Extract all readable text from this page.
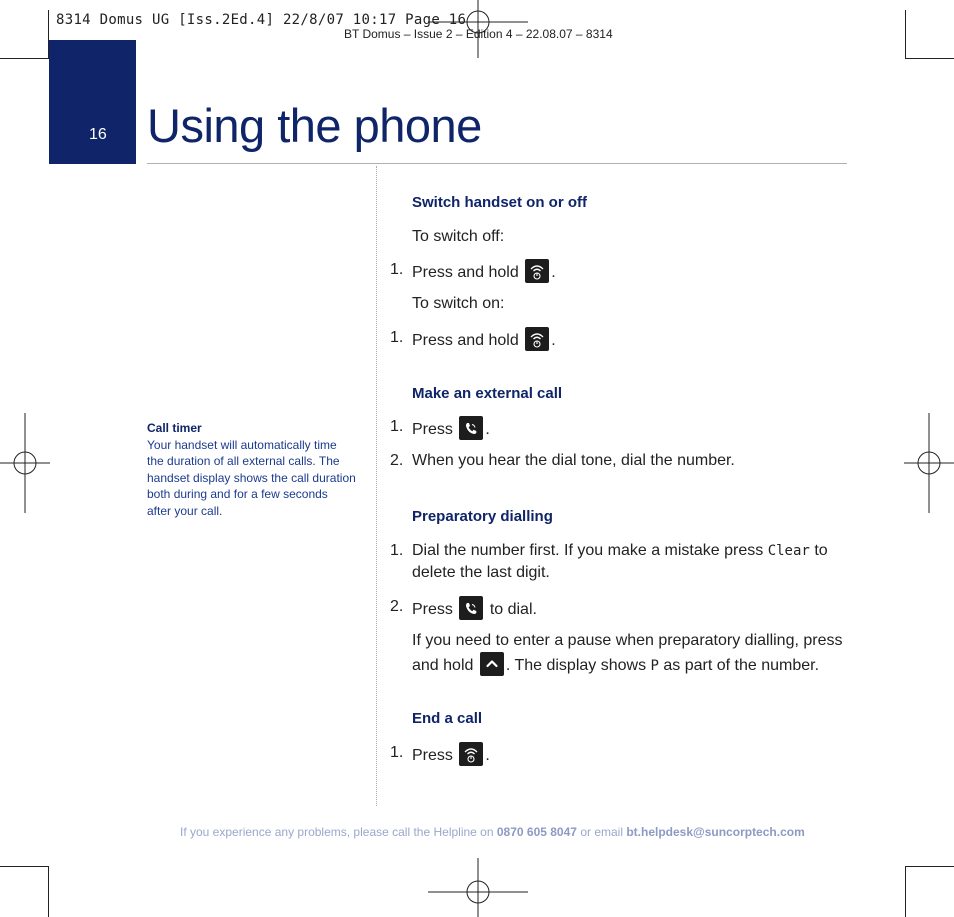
8314 Domus UG [Iss.2Ed.4] 22/8/07 10:17 Page 16
BT Domus – Issue 2 – Edition 4 – 22.08.07 – 8314
16 Using the phone
Call timer
Your handset will automatically time
the duration of all external calls. The
handset display shows the call duration
both during and for a few seconds
after your call.
Switch handset on or off
To switch off:
1. Press and hold .
To switch on:
1. Press and hold .
Make an external call
1. Press .
2. When you hear the dial tone, dial the number.
Preparatory dialling
1. Dial the number first. If you make a mistake press Clear to
delete the last digit.
2. Press to dial.
If you need to enter a pause when preparatory dialling, press
and hold . The display shows P as part of the number.
End a call
1. Press .
If you experience any problems, please call the Helpline on 0870 605 8047 or email bt.helpdesk@suncorptech.com
